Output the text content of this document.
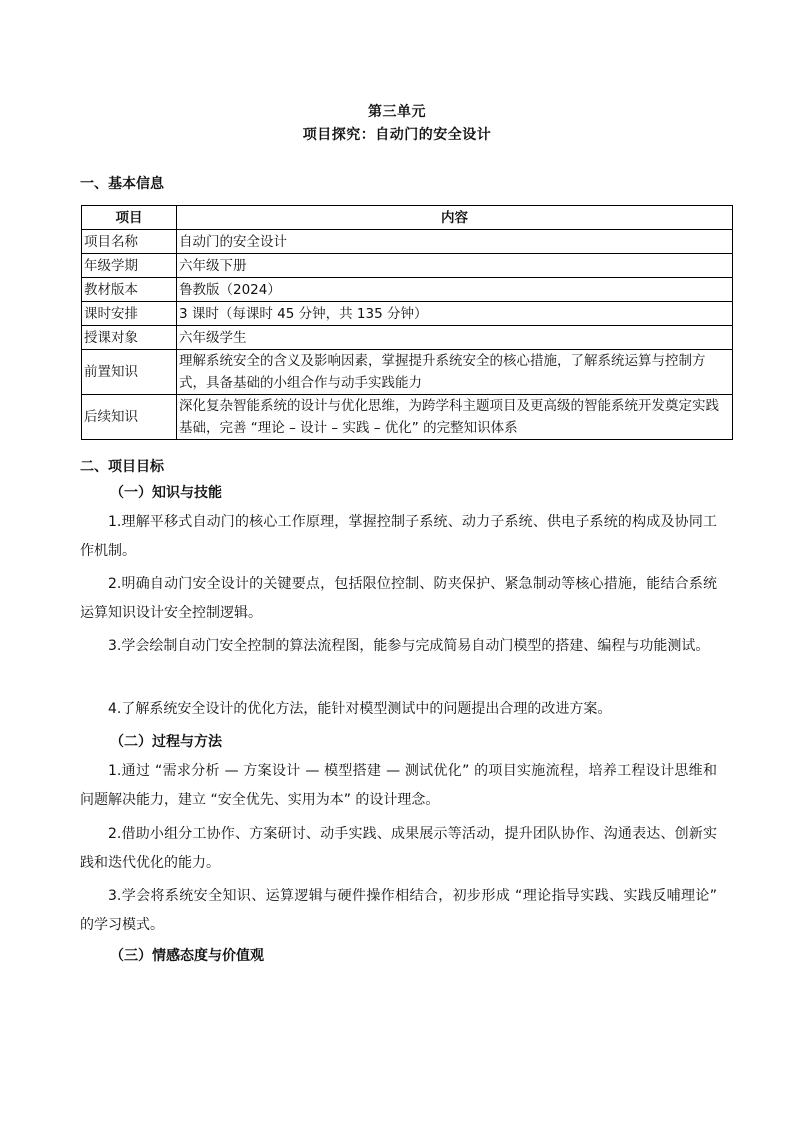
第三单元
项目探究：自动门的安全设计
一、基本信息
项目	内容
项目名称	自动门的安全设计
年级学期	六年级下册
教材版本	鲁教版（2024）
课时安排	3 课时（每课时 45 分钟，共 135 分钟）
授课对象	六年级学生
前置知识	理解系统安全的含义及影响因素，掌握提升系统安全的核心措施，了解系统运算与控制方式，具备基础的小组合作与动手实践能力
后续知识	深化复杂智能系统的设计与优化思维，为跨学科主题项目及更高级的智能系统开发奠定实践基础，完善 “理论 – 设计 – 实践 – 优化” 的完整知识体系
二、项目目标
（一）知识与技能
1.理解平移式自动门的核心工作原理，掌握控制子系统、动力子系统、供电子系统的构成及协同工作机制。
2.明确自动门安全设计的关键要点，包括限位控制、防夹保护、紧急制动等核心措施，能结合系统运算知识设计安全控制逻辑。
3.学会绘制自动门安全控制的算法流程图，能参与完成简易自动门模型的搭建、编程与功能测试。
4.了解系统安全设计的优化方法，能针对模型测试中的问题提出合理的改进方案。
（二）过程与方法
1.通过 “需求分析 — 方案设计 — 模型搭建 — 测试优化” 的项目实施流程，培养工程设计思维和问题解决能力，建立 “安全优先、实用为本” 的设计理念。
2.借助小组分工协作、方案研讨、动手实践、成果展示等活动，提升团队协作、沟通表达、创新实践和迭代优化的能力。
3.学会将系统安全知识、运算逻辑与硬件操作相结合，初步形成 “理论指导实践、实践反哺理论” 的学习模式。
（三）情感态度与价值观
